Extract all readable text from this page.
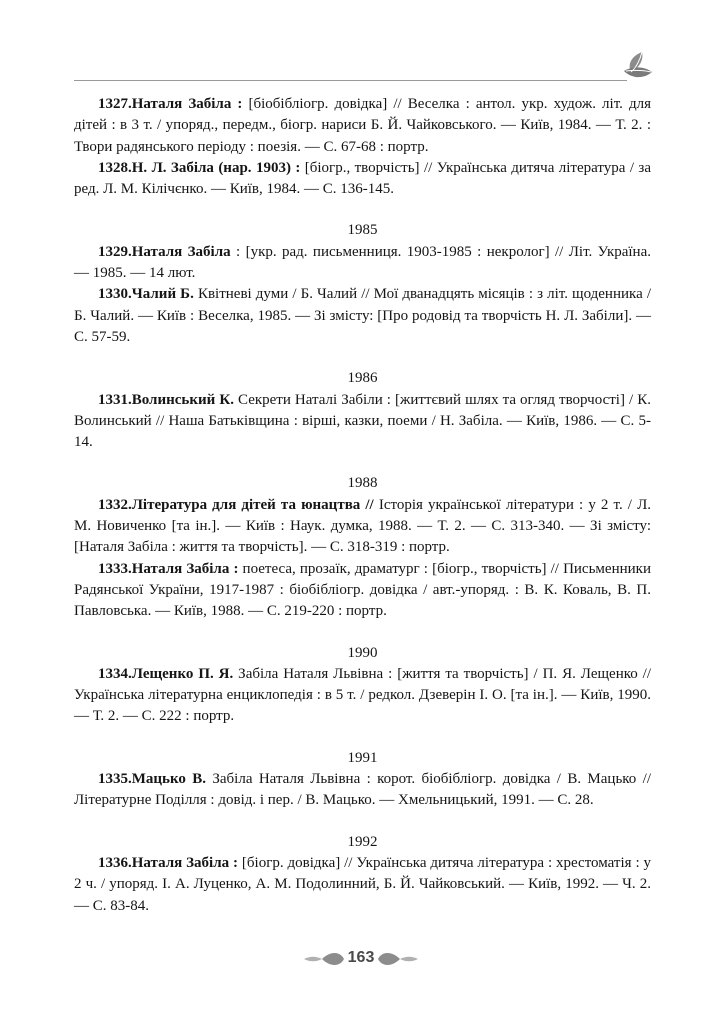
1327.Наталя Забіла : [біобібліогр. довідка] // Веселка : антол. укр. худож. літ. для дітей : в 3 т. / упоряд., передм., біогр. нариси Б. Й. Чайковського. — Київ, 1984. — Т. 2. : Твори радянського періоду : поезія. — С. 67-68 : портр.

1328.Н. Л. Забіла (нар. 1903) : [біогр., творчість] // Українська дитяча література / за ред. Л. М. Кілічєнко. — Київ, 1984. — С. 136-145.

1985

1329.Наталя Забіла : [укр. рад. письменниця. 1903-1985 : некролог] // Літ. Україна. — 1985. — 14 лют.

1330.Чалий Б. Квітневі думи / Б. Чалий // Мої дванадцять місяців : з літ. щоденника / Б. Чалий. — Київ : Веселка, 1985. — Зі змісту: [Про родовід та творчість Н. Л. Забіли]. — С. 57-59.

1986

1331.Волинський К. Секрети Наталі Забіли : [життєвий шлях та огляд творчості] / К. Волинський // Наша Батьківщина : вірші, казки, поеми / Н. Забіла. — Київ, 1986. — С. 5-14.

1988

1332.Література для дітей та юнацтва // Історія української літератури : у 2 т. / Л. М. Новиченко [та ін.]. — Київ : Наук. думка, 1988. — Т. 2. — С. 313-340. — Зі змісту: [Наталя Забіла : життя та творчість]. — С. 318-319 : портр.

1333.Наталя Забіла : поетеса, прозаїк, драматург : [біогр., творчість] // Письменники Радянської України, 1917-1987 : біобібліогр. довідка / авт.-упоряд. : В. К. Коваль, В. П. Павловська. — Київ, 1988. — С. 219-220 : портр.

1990

1334.Лещенко П. Я. Забіла Наталя Львівна : [життя та творчість] / П. Я. Лещенко // Українська літературна енциклопедія : в 5 т. / редкол. Дзеверін І. О. [та ін.]. — Київ, 1990. — Т. 2. — С. 222 : портр.

1991

1335.Мацько В. Забіла Наталя Львівна : корот. біобібліогр. довідка / В. Мацько // Літературне Поділля : довід. і пер. / В. Мацько. — Хмельницький, 1991. — С. 28.

1992

1336.Наталя Забіла : [біогр. довідка] // Українська дитяча література : хрестоматія : у 2 ч. / упоряд. І. А. Луценко, А. М. Подолинний, Б. Й. Чайковський. — Київ, 1992. — Ч. 2. — С. 83-84.

163
